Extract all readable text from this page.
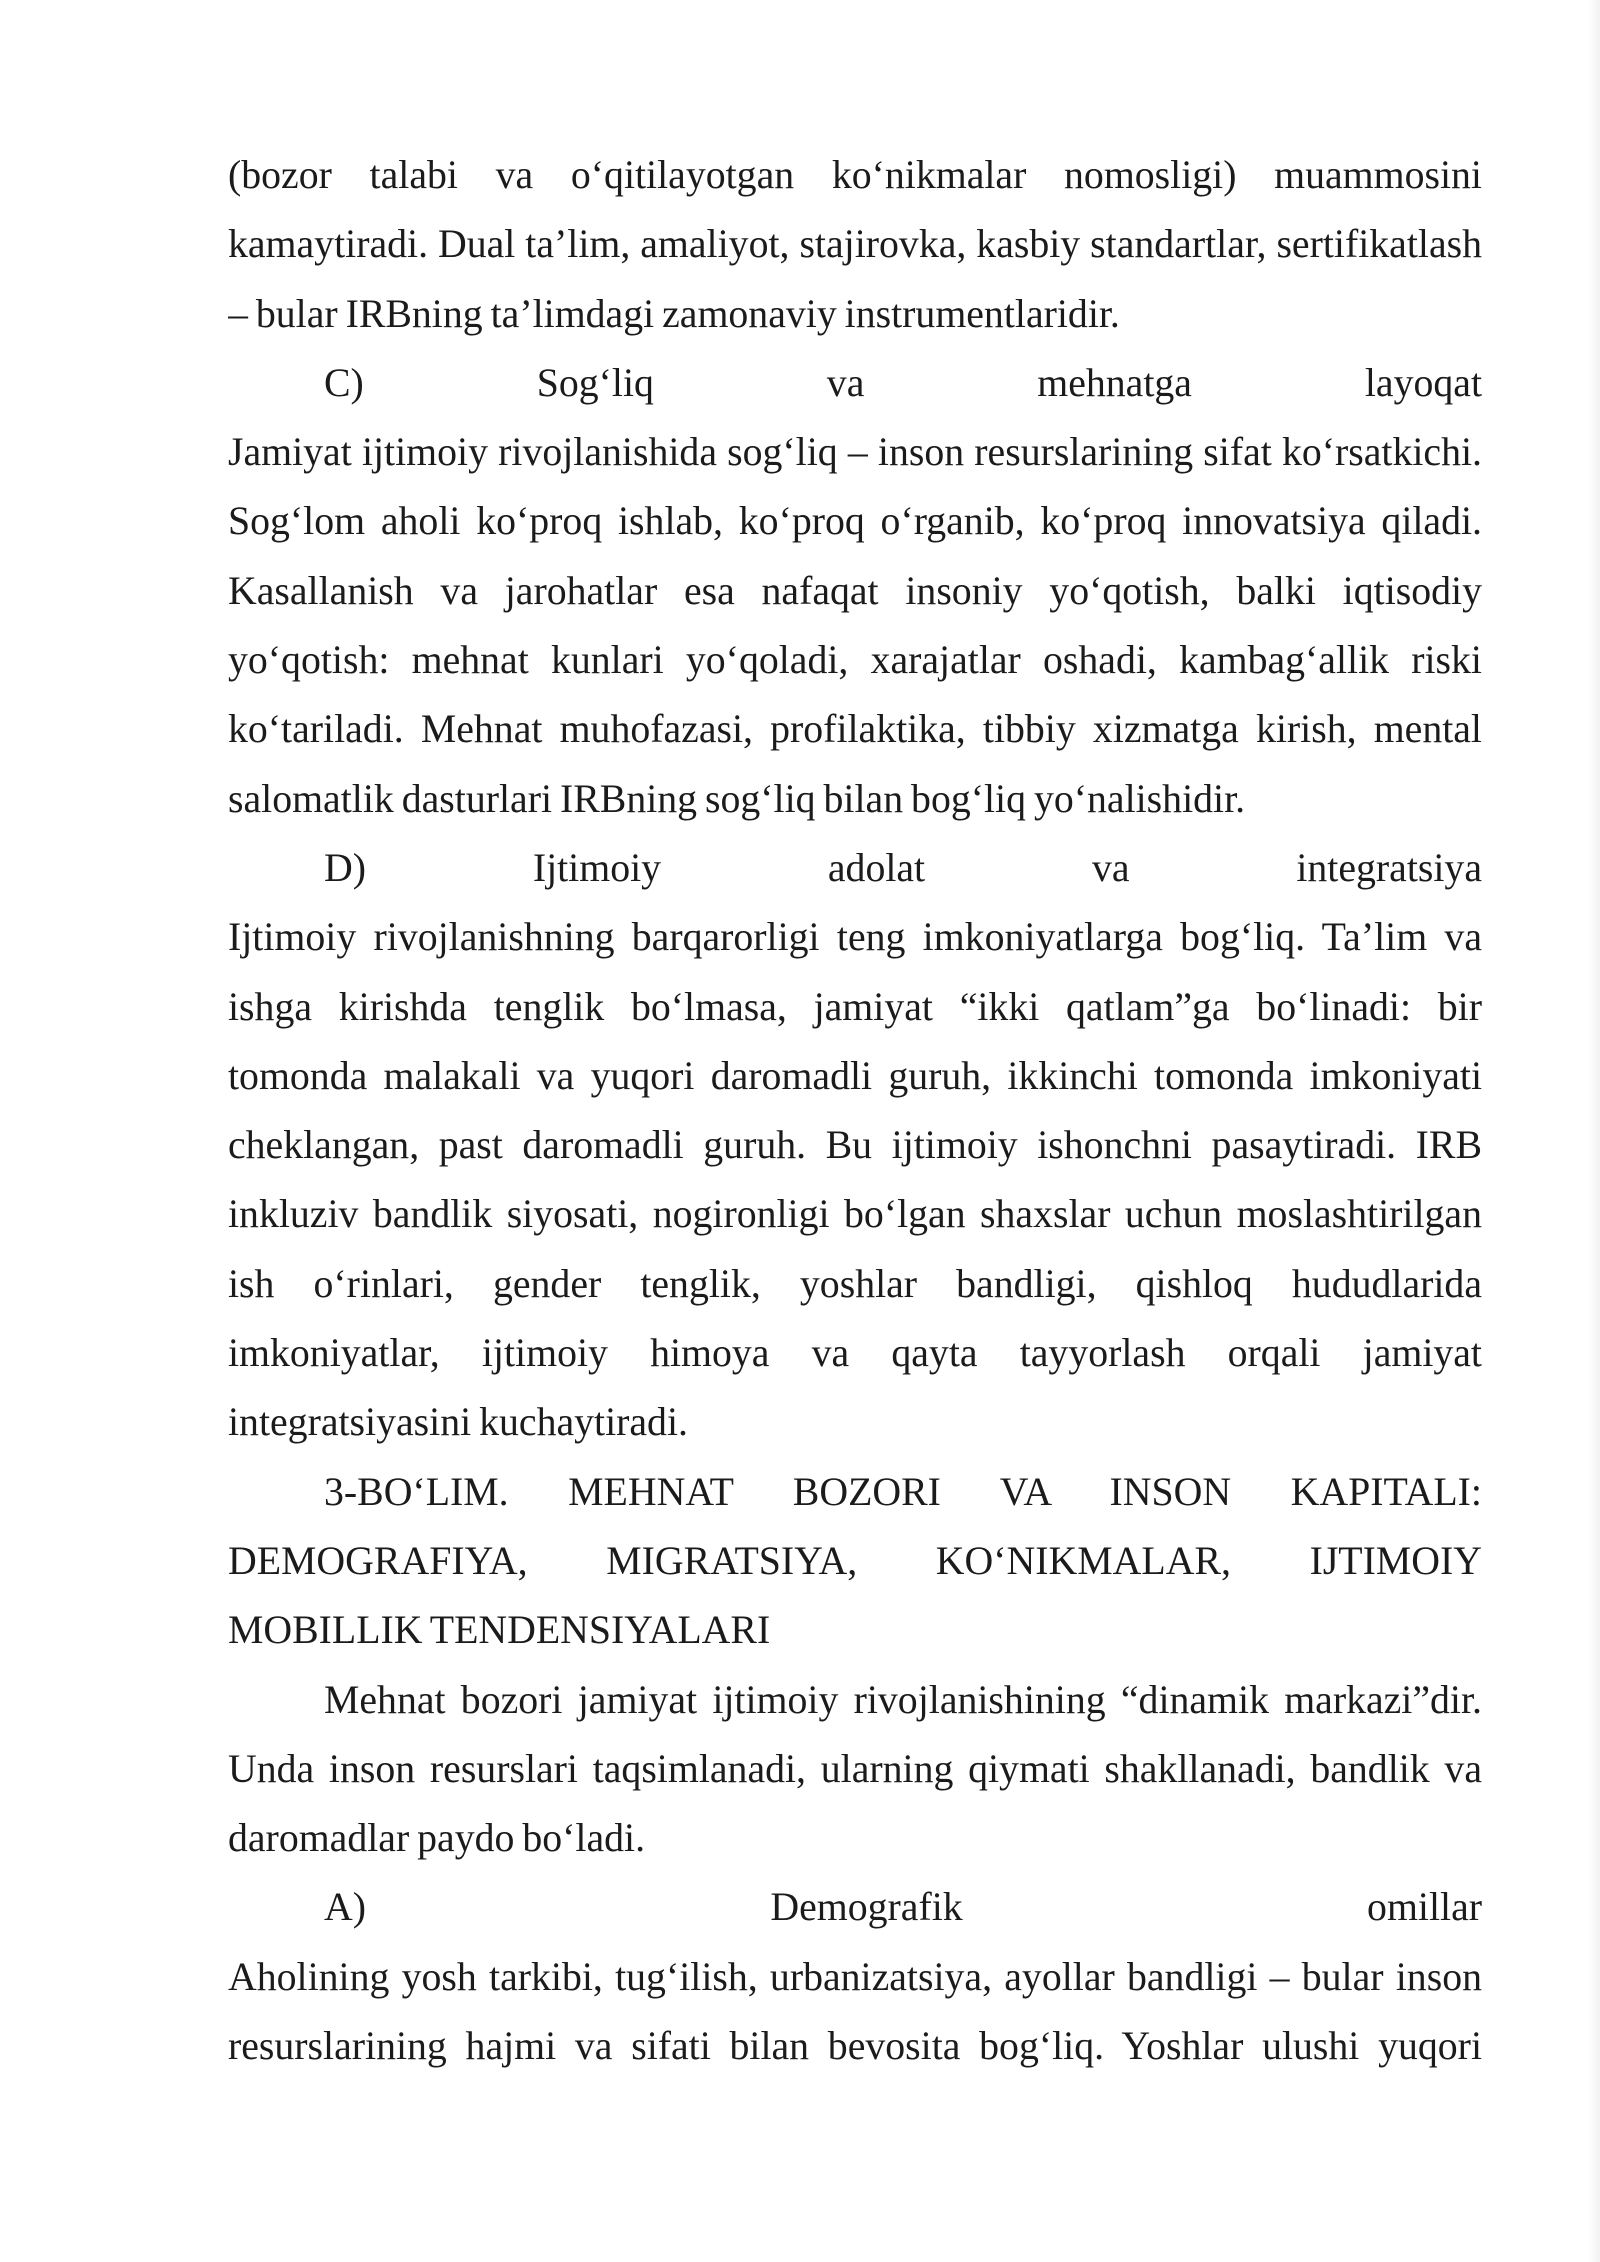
(bozor talabi va o‘qitilayotgan ko‘nikmalar nomosligi) muammosini
kamaytiradi. Dual ta’lim, amaliyot, stajirovka, kasbiy standartlar, sertifikatlash
– bular IRBning ta’limdagi zamonaviy instrumentlaridir.
C) Sog‘liq va mehnatga layoqat
Jamiyat ijtimoiy rivojlanishida sog‘liq – inson resurslarining sifat ko‘rsatkichi.
Sog‘lom aholi ko‘proq ishlab, ko‘proq o‘rganib, ko‘proq innovatsiya qiladi.
Kasallanish va jarohatlar esa nafaqat insoniy yo‘qotish, balki iqtisodiy
yo‘qotish: mehnat kunlari yo‘qoladi, xarajatlar oshadi, kambag‘allik riski
ko‘tariladi. Mehnat muhofazasi, profilaktika, tibbiy xizmatga kirish, mental
salomatlik dasturlari IRBning sog‘liq bilan bog‘liq yo‘nalishidir.
D) Ijtimoiy adolat va integratsiya
Ijtimoiy rivojlanishning barqarorligi teng imkoniyatlarga bog‘liq. Ta’lim va
ishga kirishda tenglik bo‘lmasa, jamiyat “ikki qatlam”ga bo‘linadi: bir
tomonda malakali va yuqori daromadli guruh, ikkinchi tomonda imkoniyati
cheklangan, past daromadli guruh. Bu ijtimoiy ishonchni pasaytiradi. IRB
inkluziv bandlik siyosati, nogironligi bo‘lgan shaxslar uchun moslashtirilgan
ish o‘rinlari, gender tenglik, yoshlar bandligi, qishloq hududlarida
imkoniyatlar, ijtimoiy himoya va qayta tayyorlash orqali jamiyat
integratsiyasini kuchaytiradi.
3-BO‘LIM. MEHNAT BOZORI VA INSON KAPITALI:
DEMOGRAFIYA, MIGRATSIYA, KO‘NIKMALAR, IJTIMOIY
MOBILLIK TENDENSIYALARI
Mehnat bozori jamiyat ijtimoiy rivojlanishining “dinamik markazi”dir.
Unda inson resurslari taqsimlanadi, ularning qiymati shakllanadi, bandlik va
daromadlar paydo bo‘ladi.
A) Demografik omillar
Aholining yosh tarkibi, tug‘ilish, urbanizatsiya, ayollar bandligi – bular inson
resurslarining hajmi va sifati bilan bevosita bog‘liq. Yoshlar ulushi yuqori
